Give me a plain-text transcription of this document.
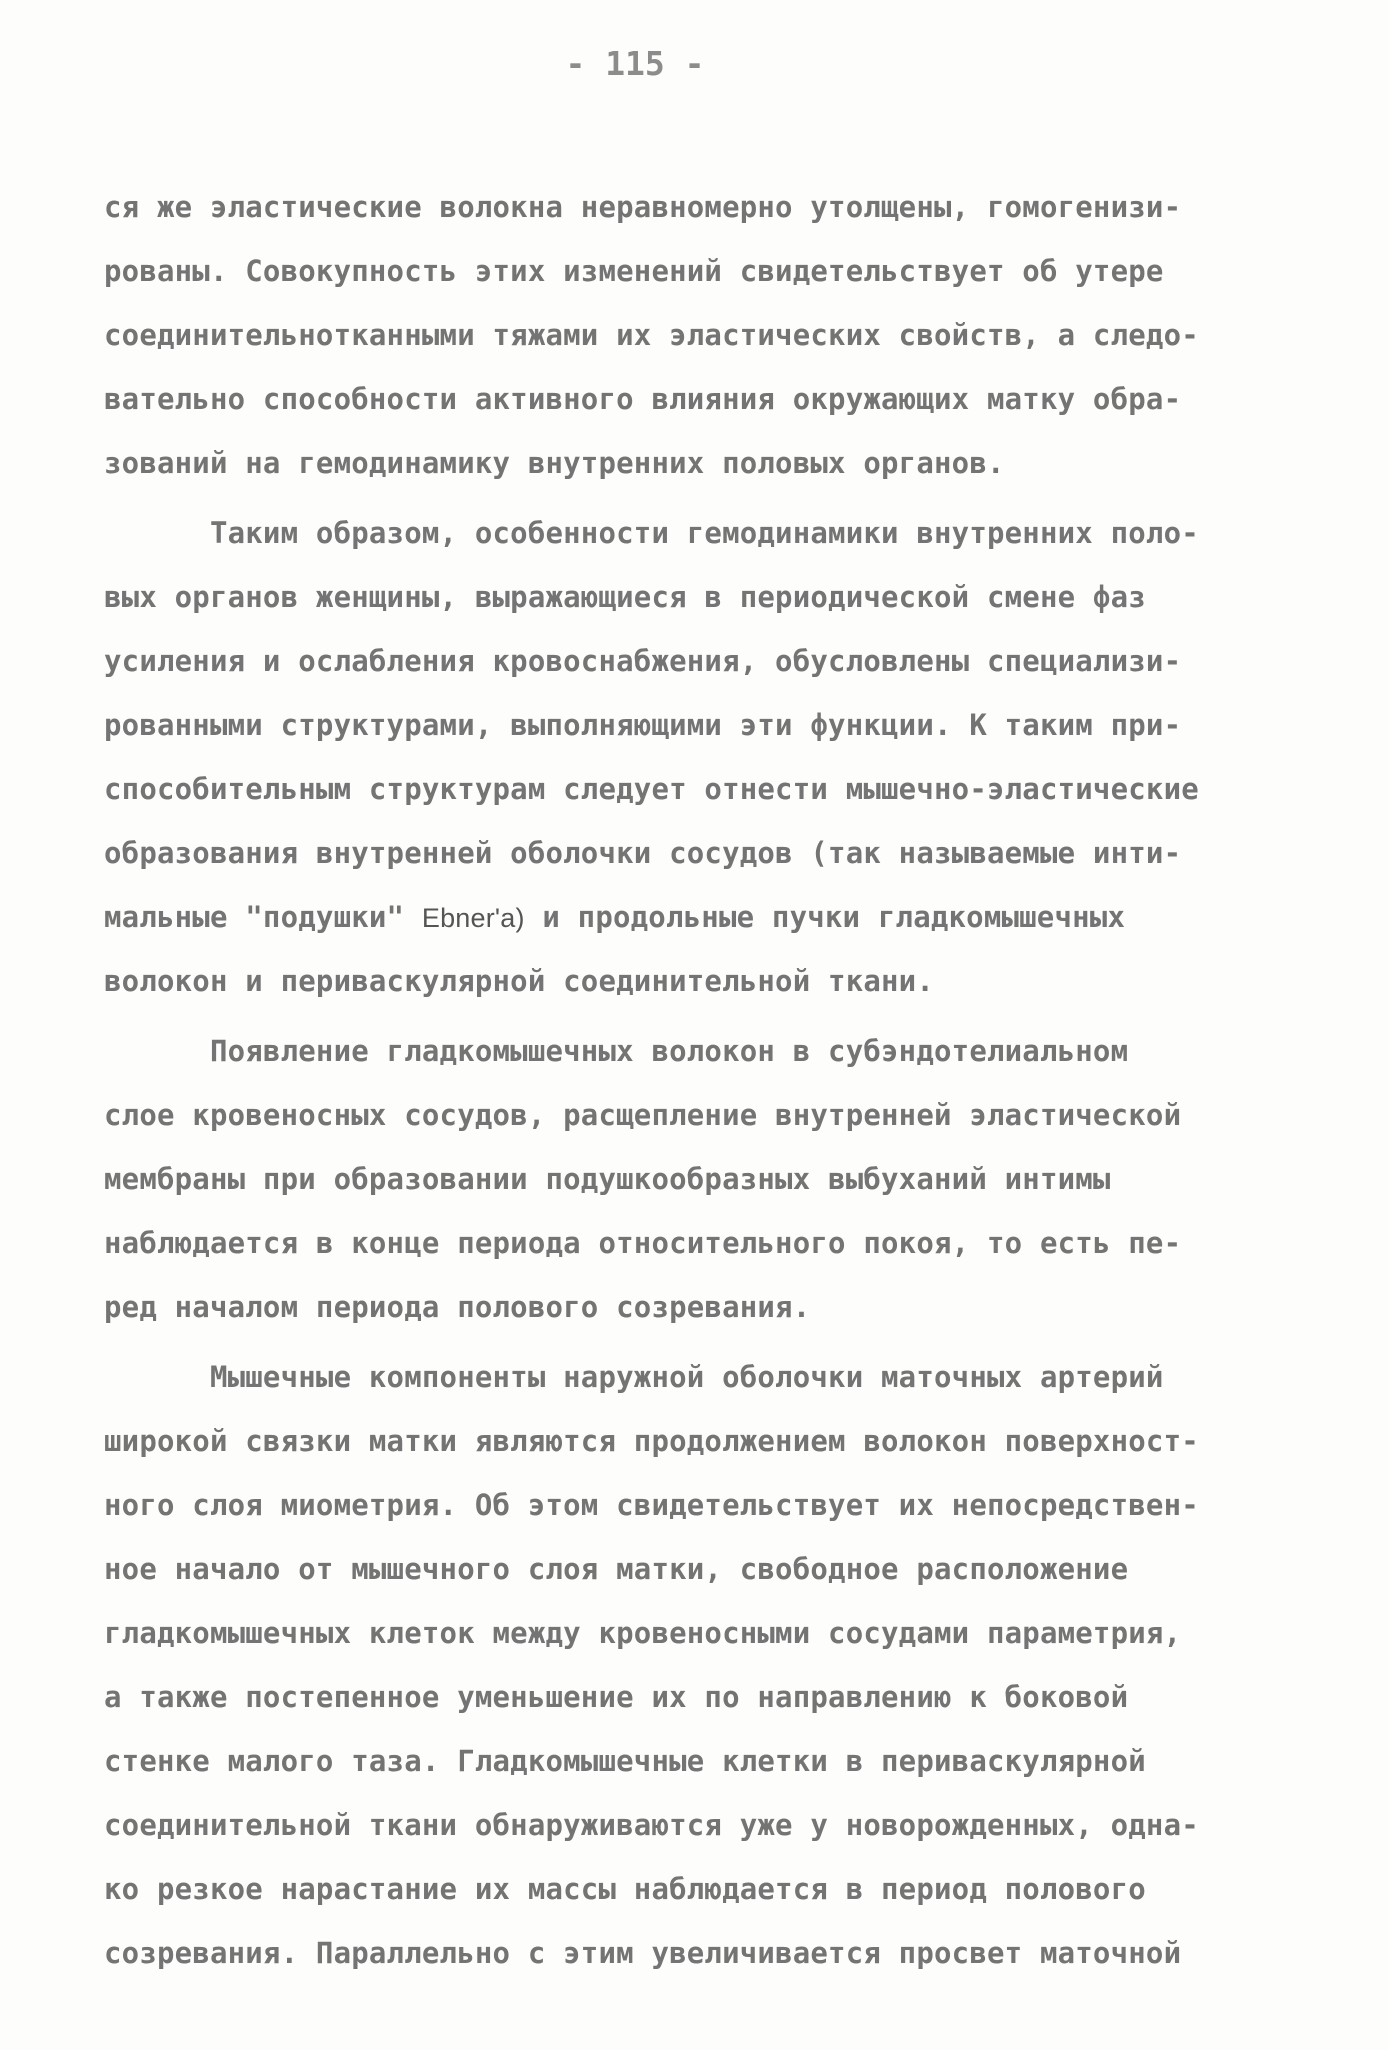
- 115 -
ся же эластические волокна неравномерно утолщены, гомогенизи-
рованы. Совокупность этих изменений свидетельствует об утере
соединительнотканными тяжами их эластических свойств, а следо-
вательно способности активного влияния окружающих матку обра-
зований на гемодинамику внутренних половых органов.
Таким образом, особенности гемодинамики внутренних поло-
вых органов женщины, выражающиеся в периодической смене фаз
усиления и ослабления кровоснабжения, обусловлены специализи-
рованными структурами, выполняющими эти функции. К таким при-
способительным структурам следует отнести мышечно-эластические
образования внутренней оболочки сосудов (так называемые инти-
мальные "подушки" Ebner'a) и продольные пучки гладкомышечных
волокон и периваскулярной соединительной ткани.
Появление гладкомышечных волокон в субэндотелиальном
слое кровеносных сосудов, расщепление внутренней эластической
мембраны при образовании подушкообразных выбуханий интимы
наблюдается в конце периода относительного покоя, то есть пе-
ред началом периода полового созревания.
Мышечные компоненты наружной оболочки маточных артерий
широкой связки матки являются продолжением волокон поверхност-
ного слоя миометрия. Об этом свидетельствует их непосредствен-
ное начало от мышечного слоя матки, свободное расположение
гладкомышечных клеток между кровеносными сосудами параметрия,
а также постепенное уменьшение их по направлению к боковой
стенке малого таза. Гладкомышечные клетки в периваскулярной
соединительной ткани обнаруживаются уже у новорожденных, одна-
ко резкое нарастание их массы наблюдается в период полового
созревания. Параллельно с этим увеличивается просвет маточной
